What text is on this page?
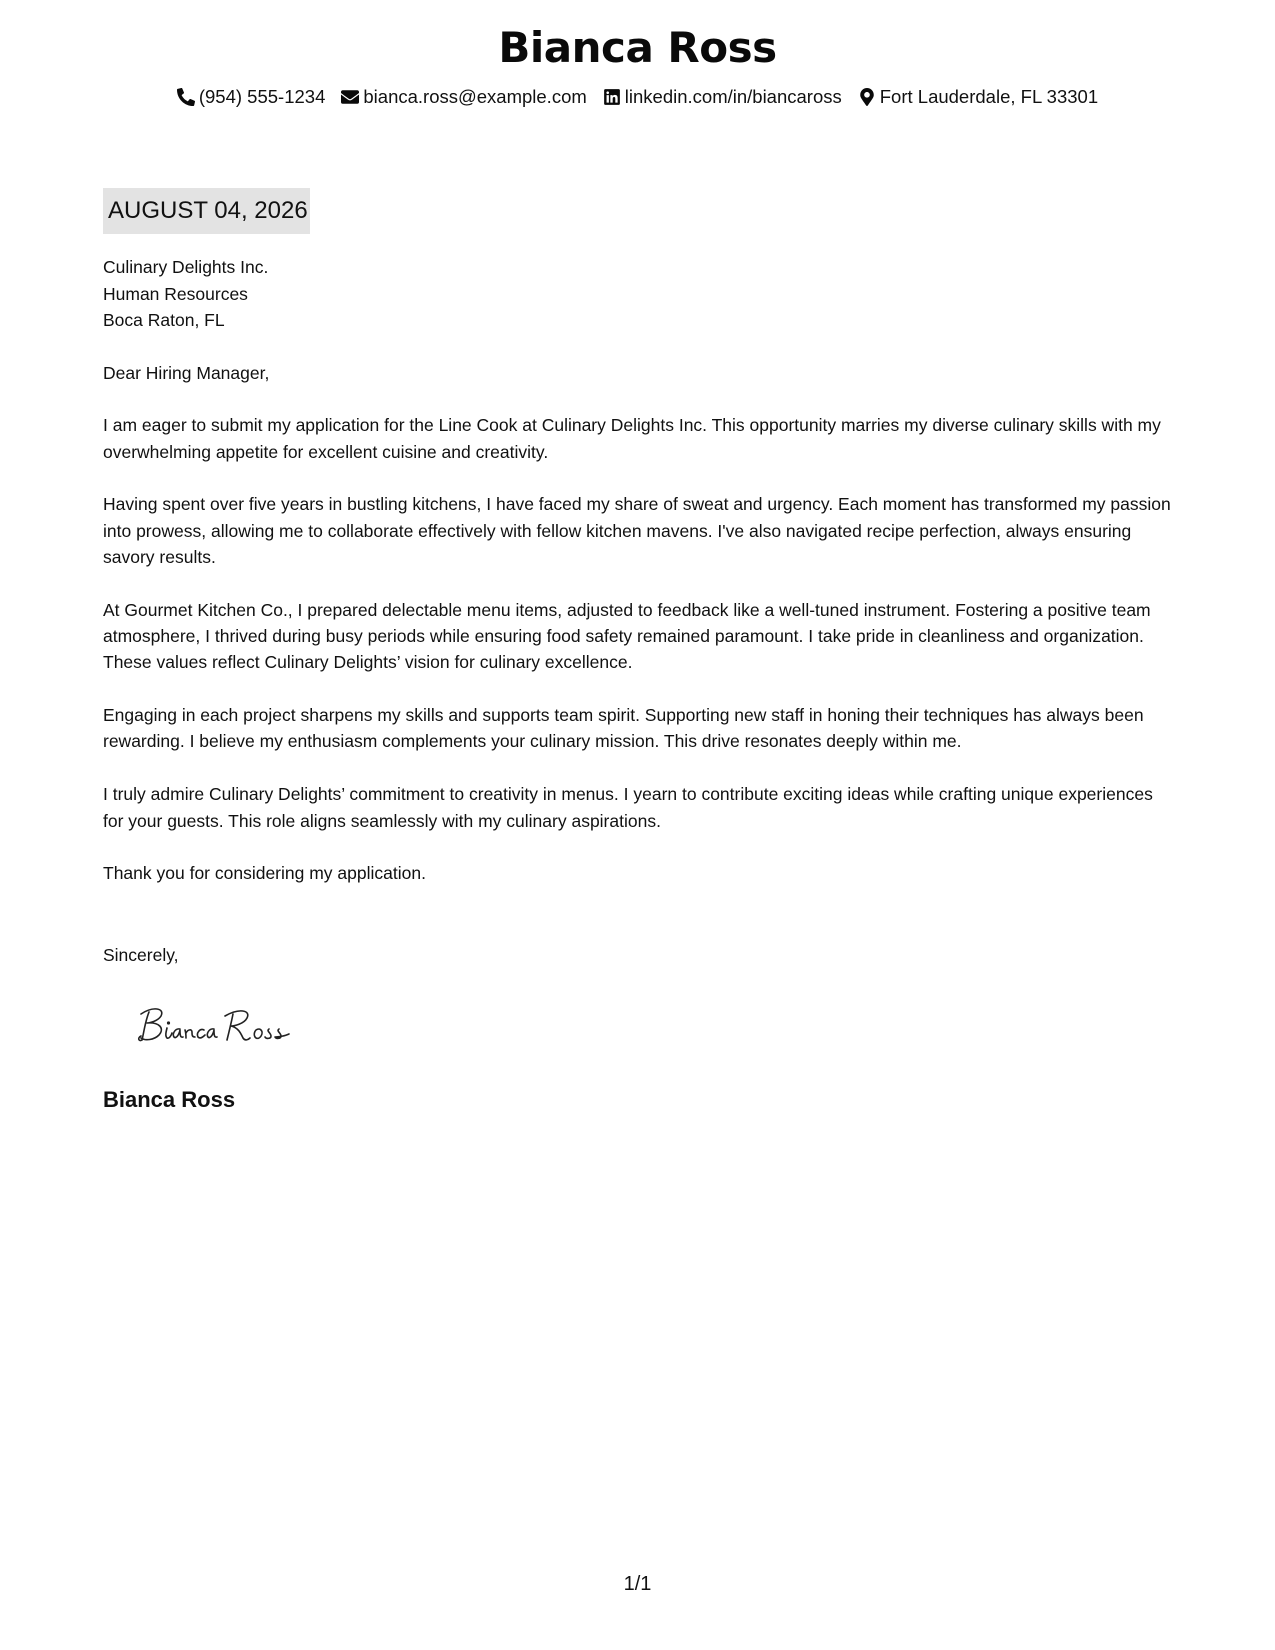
Bianca Ross
(954) 555-1234 bianca.ross@example.com linkedin.com/in/biancaross Fort Lauderdale, FL 33301
AUGUST 04, 2026
Culinary Delights Inc.
Human Resources
Boca Raton, FL

Dear Hiring Manager,

I am eager to submit my application for the Line Cook at Culinary Delights Inc. This opportunity marries my diverse culinary skills with my overwhelming appetite for excellent cuisine and creativity.

Having spent over five years in bustling kitchens, I have faced my share of sweat and urgency. Each moment has transformed my passion into prowess, allowing me to collaborate effectively with fellow kitchen mavens. I've also navigated recipe perfection, always ensuring savory results.

At Gourmet Kitchen Co., I prepared delectable menu items, adjusted to feedback like a well-tuned instrument. Fostering a positive team atmosphere, I thrived during busy periods while ensuring food safety remained paramount. I take pride in cleanliness and organization. These values reflect Culinary Delights’ vision for culinary excellence.

Engaging in each project sharpens my skills and supports team spirit. Supporting new staff in honing their techniques has always been rewarding. I believe my enthusiasm complements your culinary mission. This drive resonates deeply within me.

I truly admire Culinary Delights’ commitment to creativity in menus. I yearn to contribute exciting ideas while crafting unique experiences for your guests. This role aligns seamlessly with my culinary aspirations.

Thank you for considering my application.

Sincerely,
Bianca Ross
1/1
